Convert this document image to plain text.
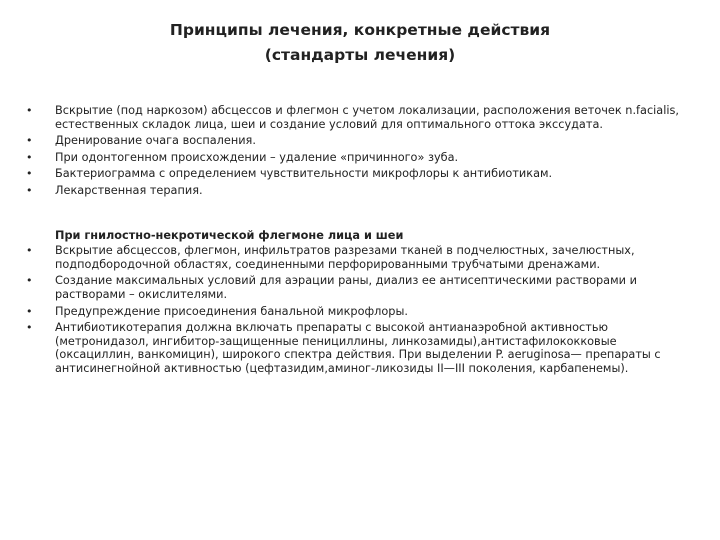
Принципы лечения, конкретные действия
(стандарты лечения)
•	Вскрытие (под наркозом) абсцессов и флегмон с учетом локализации, расположения веточек n.facialis, естественных складок лица, шеи и создание условий для оптимального оттока экссудата.
•	Дренирование очага воспаления.
•	При одонтогенном происхождении – удаление «причинного» зуба.
•	Бактериограмма с определением чувствительности микрофлоры к антибиотикам.
•	Лекарственная терапия.
При гнилостно-некротической флегмоне лица и шеи
•	Вскрытие абсцессов, флегмон, инфильтратов разрезами тканей в подчелюстных, зачелюстных, подподбородочной областях, соединенными перфорированными трубчатыми дренажами.
•	Создание максимальных условий для аэрации раны, диализ ее антисептическими растворами и растворами – окислителями.
•	Предупреждение присоединения банальной микрофлоры.
•	Антибиотикотерапия должна включать препараты с высокой антианаэробной активностью (метронидазол, ингибитор-защищенные пенициллины, линкозамиды),антистафилококковые (оксациллин, ванкомицин), широкого спектра действия. При выделении P. aeruginosa— препараты с антисинегнойной активностью (цефтазидим,аминог-ликозиды II—III поколения, карбапенемы).
